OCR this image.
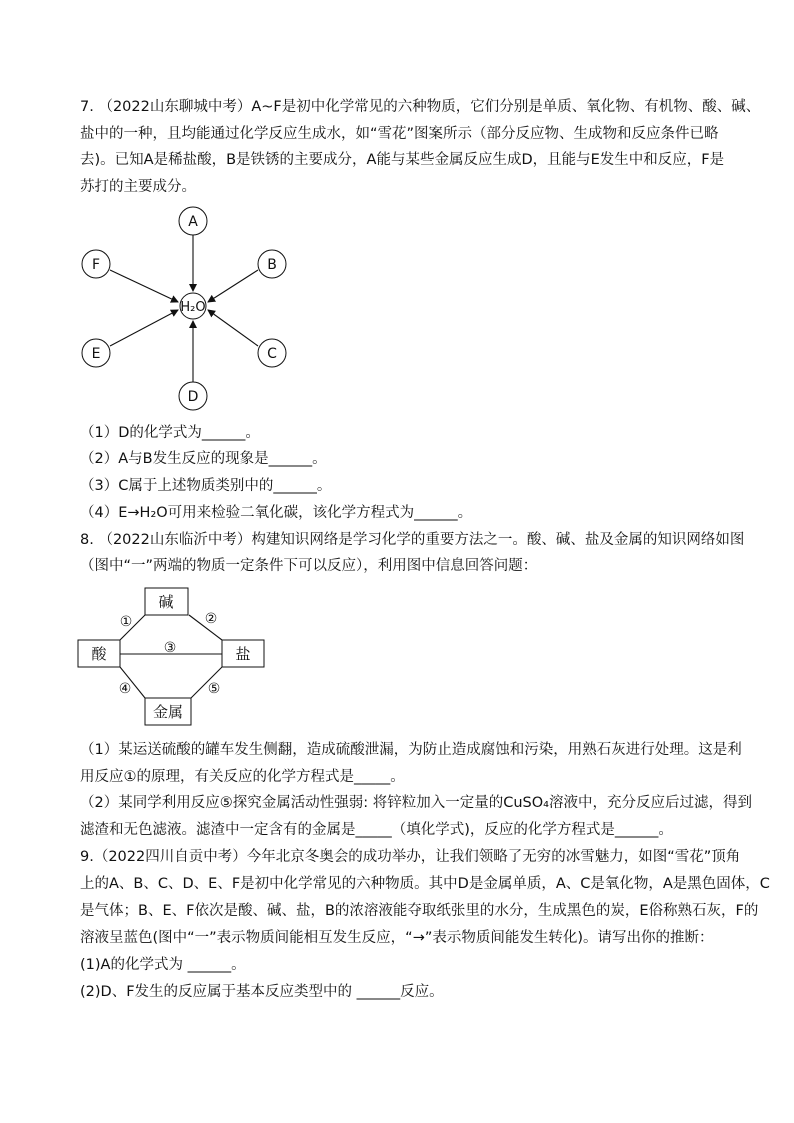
7. （2022山东聊城中考）A~F是初中化学常见的六种物质，它们分别是单质、氧化物、有机物、酸、碱、
盐中的一种，且均能通过化学反应生成水，如“雪花”图案所示（部分反应物、生成物和反应条件已略
去)。已知A是稀盐酸，B是铁锈的主要成分，A能与某些金属反应生成D，且能与E发生中和反应，F是
苏打的主要成分。
A
B
C
D
E
F
H₂O
碱
酸	盐
金属
①	②
③
④	⑤
（1）D的化学式为______。
（2）A与B发生反应的现象是______。
（3）C属于上述物质类别中的______。
（4）E→H₂O可用来检验二氧化碳，该化学方程式为______。
8. （2022山东临沂中考）构建知识网络是学习化学的重要方法之一。酸、碱、盐及金属的知识网络如图
（图中“一”两端的物质一定条件下可以反应），利用图中信息回答问题：
（1）某运送硫酸的罐车发生侧翻，造成硫酸泄漏，为防止造成腐蚀和污染，用熟石灰进行处理。这是利
用反应①的原理，有关反应的化学方程式是_____。
（2）某同学利用反应⑤探究金属活动性强弱: 将锌粒加入一定量的CuSO₄溶液中，充分反应后过滤，得到
滤渣和无色滤液。滤渣中一定含有的金属是_____（填化学式)，反应的化学方程式是______。
9.（2022四川自贡中考）今年北京冬奥会的成功举办，让我们领略了无穷的冰雪魅力，如图“雪花”顶角
上的A、B、C、D、E、F是初中化学常见的六种物质。其中D是金属单质，A、C是氧化物，A是黑色固体，C
是气体；B、E、F依次是酸、碱、盐，B的浓溶液能夺取纸张里的水分，生成黑色的炭，E俗称熟石灰，F的
溶液呈蓝色(图中“一”表示物质间能相互发生反应，“→”表示物质间能发生转化)。请写出你的推断：
(1)A的化学式为 ______。
(2)D、F发生的反应属于基本反应类型中的 ______反应。
